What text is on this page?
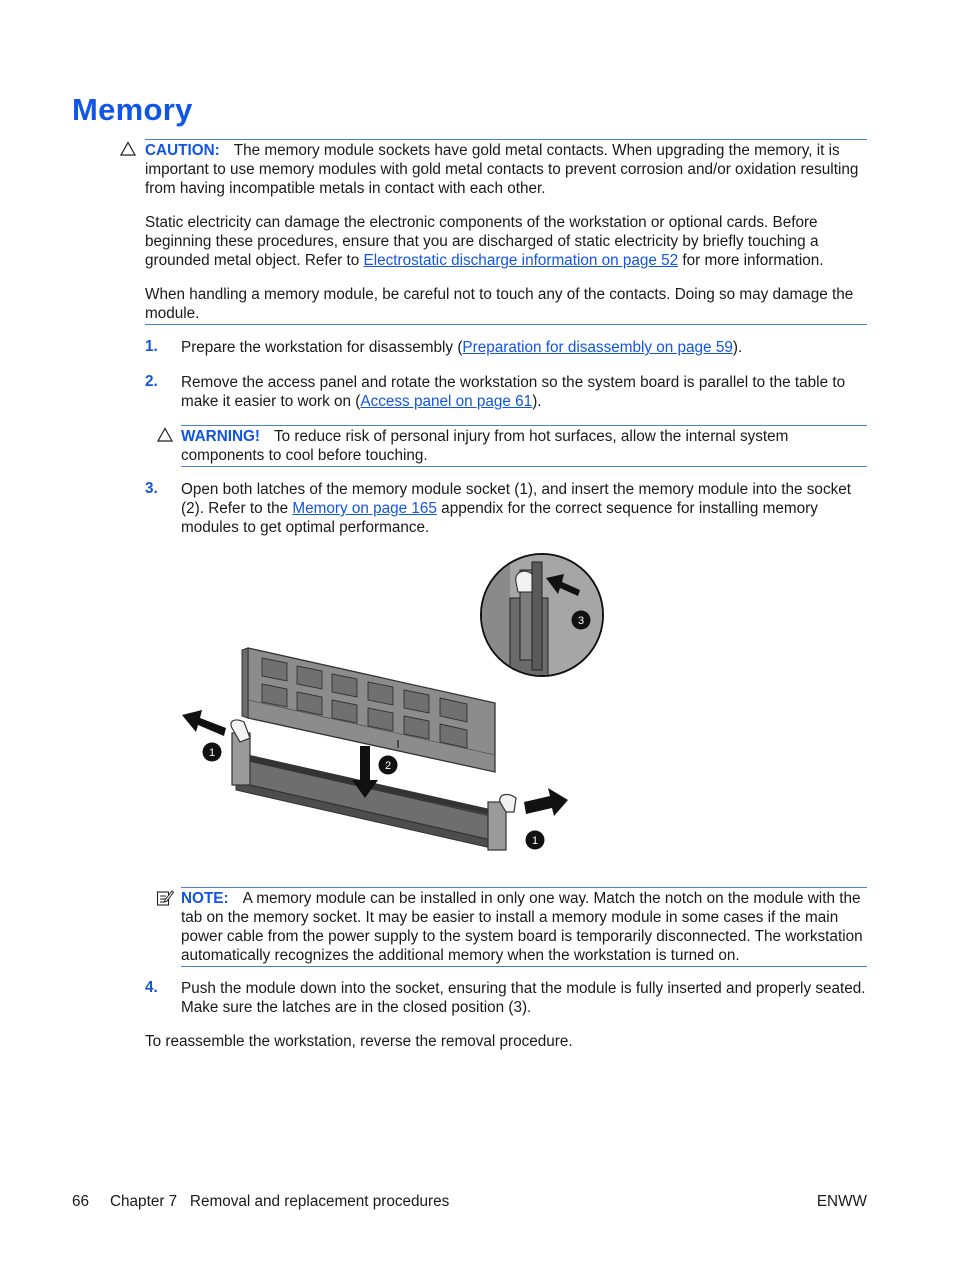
Memory

CAUTION: The memory module sockets have gold metal contacts. When upgrading the memory, it is important to use memory modules with gold metal contacts to prevent corrosion and/or oxidation resulting from having incompatible metals in contact with each other.

Static electricity can damage the electronic components of the workstation or optional cards. Before beginning these procedures, ensure that you are discharged of static electricity by briefly touching a grounded metal object. Refer to Electrostatic discharge information on page 52 for more information.

When handling a memory module, be careful not to touch any of the contacts. Doing so may damage the module.

1. Prepare the workstation for disassembly (Preparation for disassembly on page 59).

2. Remove the access panel and rotate the workstation so the system board is parallel to the table to make it easier to work on (Access panel on page 61).

WARNING! To reduce risk of personal injury from hot surfaces, allow the internal system components to cool before touching.

3. Open both latches of the memory module socket (1), and insert the memory module into the socket (2). Refer to the Memory on page 165 appendix for the correct sequence for installing memory modules to get optimal performance.

1
2
1
3

NOTE: A memory module can be installed in only one way. Match the notch on the module with the tab on the memory socket. It may be easier to install a memory module in some cases if the main power cable from the power supply to the system board is temporarily disconnected. The workstation automatically recognizes the additional memory when the workstation is turned on.

4. Push the module down into the socket, ensuring that the module is fully inserted and properly seated. Make sure the latches are in the closed position (3).

To reassemble the workstation, reverse the removal procedure.
66 Chapter 7   Removal and replacement procedures	ENWW
